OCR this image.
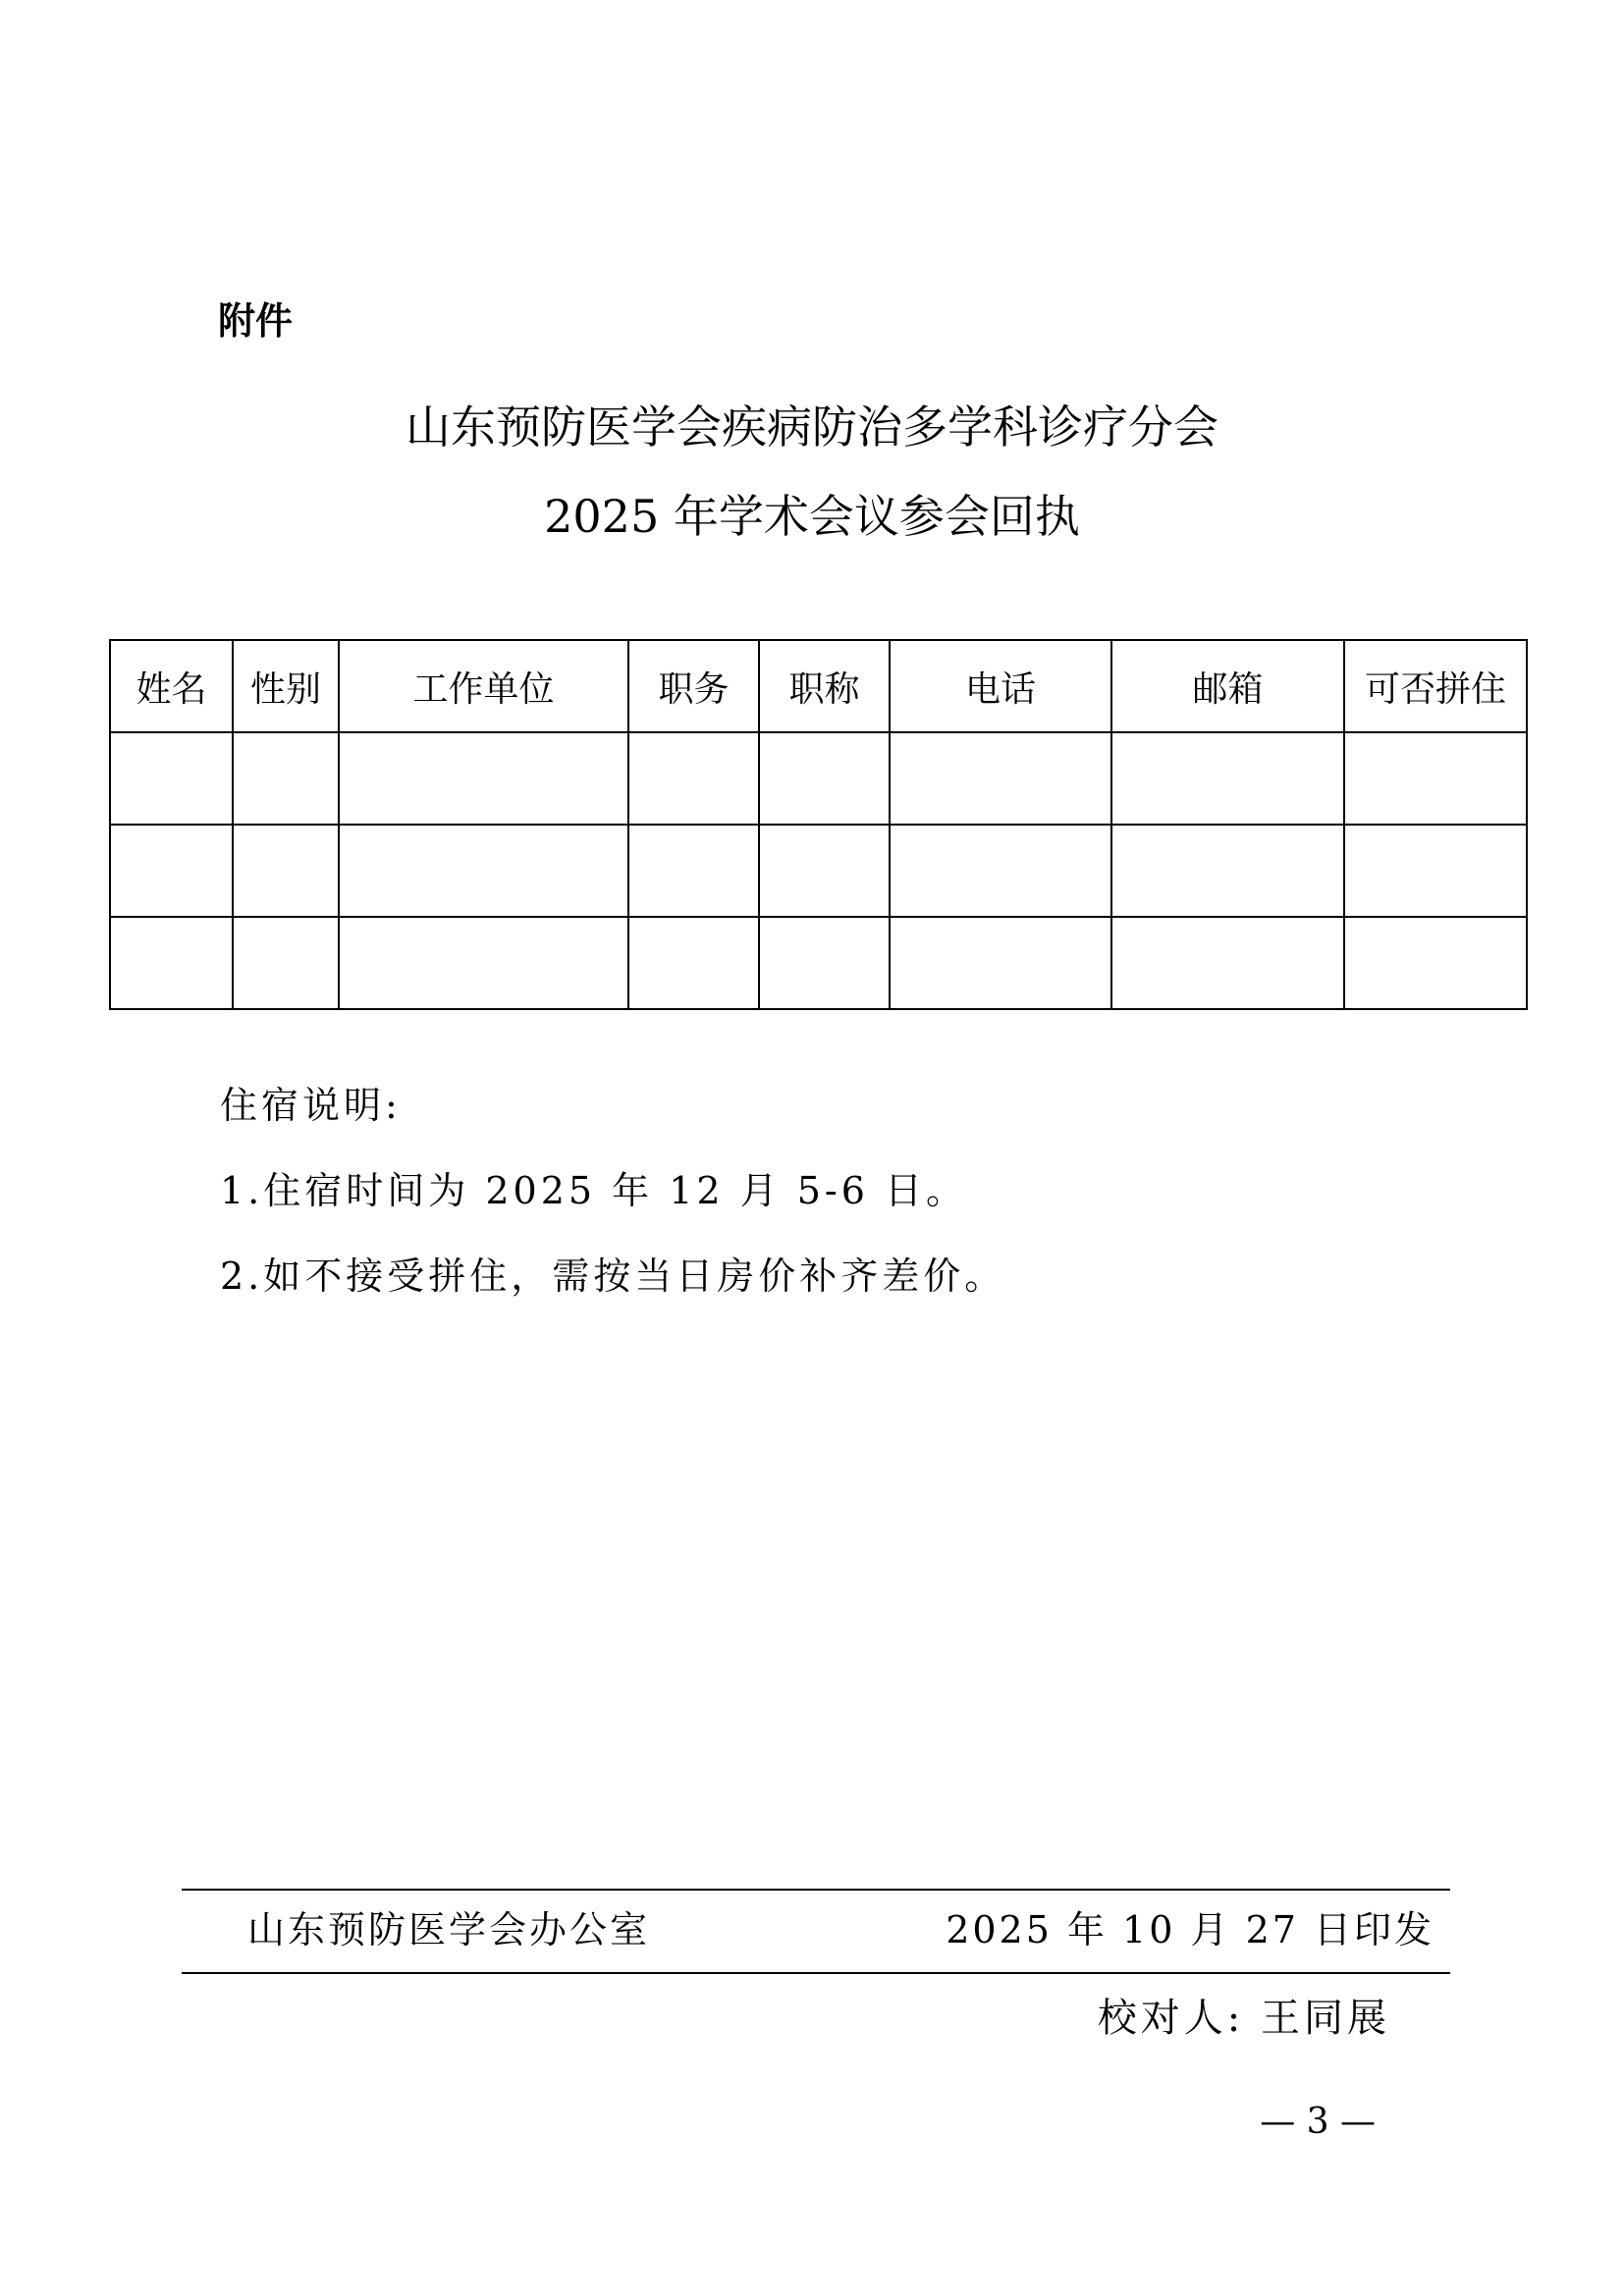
附件
山东预防医学会疾病防治多学科诊疗分会
2025 年学术会议参会回执
姓名	性别	工作单位	职务	职称	电话	邮箱	可否拼住

住宿说明:
1.住宿时间为 2025 年 12 月 5-6 日。
2.如不接受拼住，需按当日房价补齐差价。
山东预防医学会办公室	2025 年 10 月 27 日印发
校对人: 王同展
— 3 —
